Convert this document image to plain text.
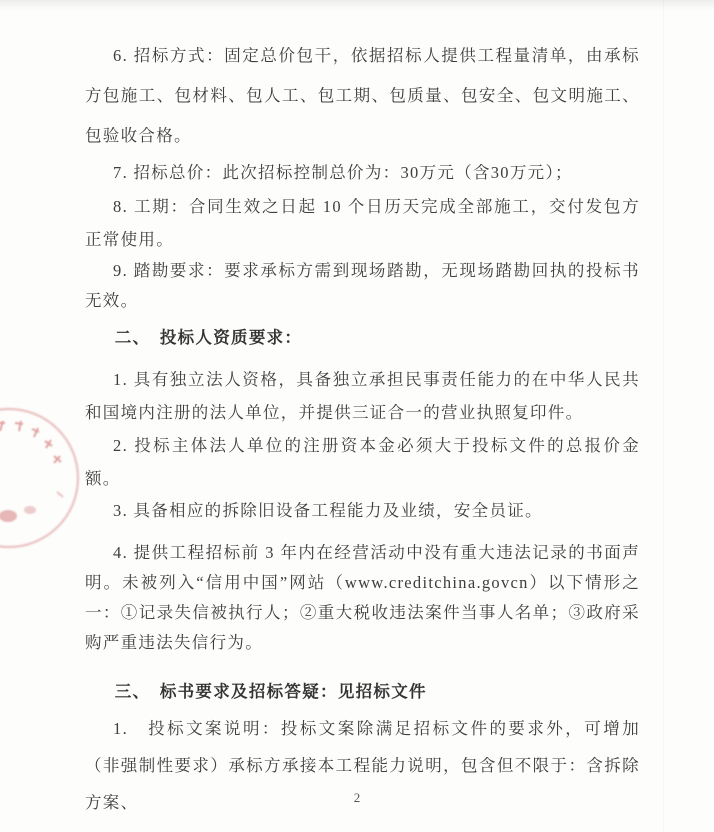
6. 招标方式：固定总价包干，依据招标人提供工程量清单，由承标方包施工、包材料、包人工、包工期、包质量、包安全、包文明施工、包验收合格。

7. 招标总价：此次招标控制总价为：30万元（含30万元）；

8. 工期：合同生效之日起 10 个日历天完成全部施工，交付发包方正常使用。

9. 踏勘要求：要求承标方需到现场踏勘，无现场踏勘回执的投标书无效。

二、　投标人资质要求：

1. 具有独立法人资格，具备独立承担民事责任能力的在中华人民共和国境内注册的法人单位，并提供三证合一的营业执照复印件。

2. 投标主体法人单位的注册资本金必须大于投标文件的总报价金额。

3. 具备相应的拆除旧设备工程能力及业绩，安全员证。

4. 提供工程招标前 3 年内在经营活动中没有重大违法记录的书面声明。未被列入“信用中国”网站（www.creditchina.govcn）以下情形之一：①记录失信被执行人；②重大税收违法案件当事人名单；③政府采购严重违法失信行为。

三、　标书要求及招标答疑：见招标文件

1.　投标文案说明：投标文案除满足招标文件的要求外，可增加（非强制性要求）承标方承接本工程能力说明，包含但不限于：含拆除方案、	2
